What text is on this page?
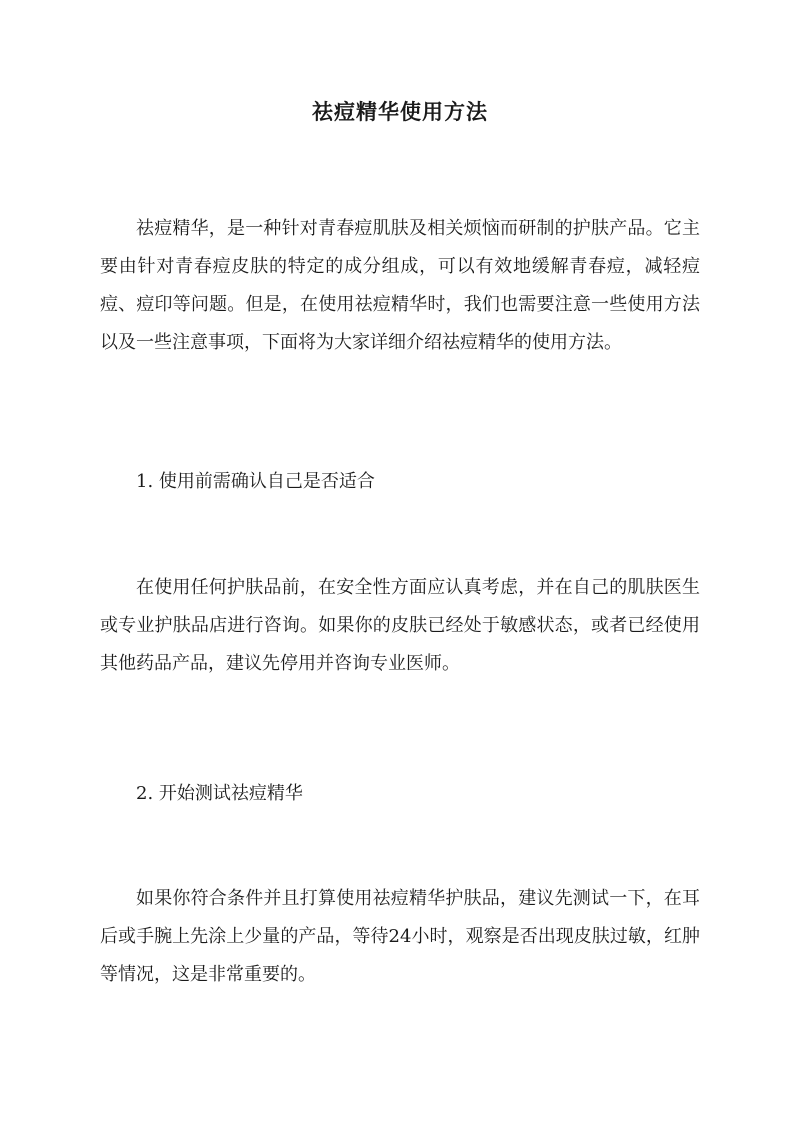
祛痘精华使用方法

祛痘精华，是一种针对青春痘肌肤及相关烦恼而研制的护肤产品。它主要由针对青春痘皮肤的特定的成分组成，可以有效地缓解青春痘，减轻痘痘、痘印等问题。但是，在使用祛痘精华时，我们也需要注意一些使用方法以及一些注意事项，下面将为大家详细介绍祛痘精华的使用方法。

1. 使用前需确认自己是否适合

在使用任何护肤品前，在安全性方面应认真考虑，并在自己的肌肤医生或专业护肤品店进行咨询。如果你的皮肤已经处于敏感状态，或者已经使用其他药品产品，建议先停用并咨询专业医师。

2. 开始测试祛痘精华

如果你符合条件并且打算使用祛痘精华护肤品，建议先测试一下，在耳后或手腕上先涂上少量的产品，等待24小时，观察是否出现皮肤过敏，红肿等情况，这是非常重要的。
